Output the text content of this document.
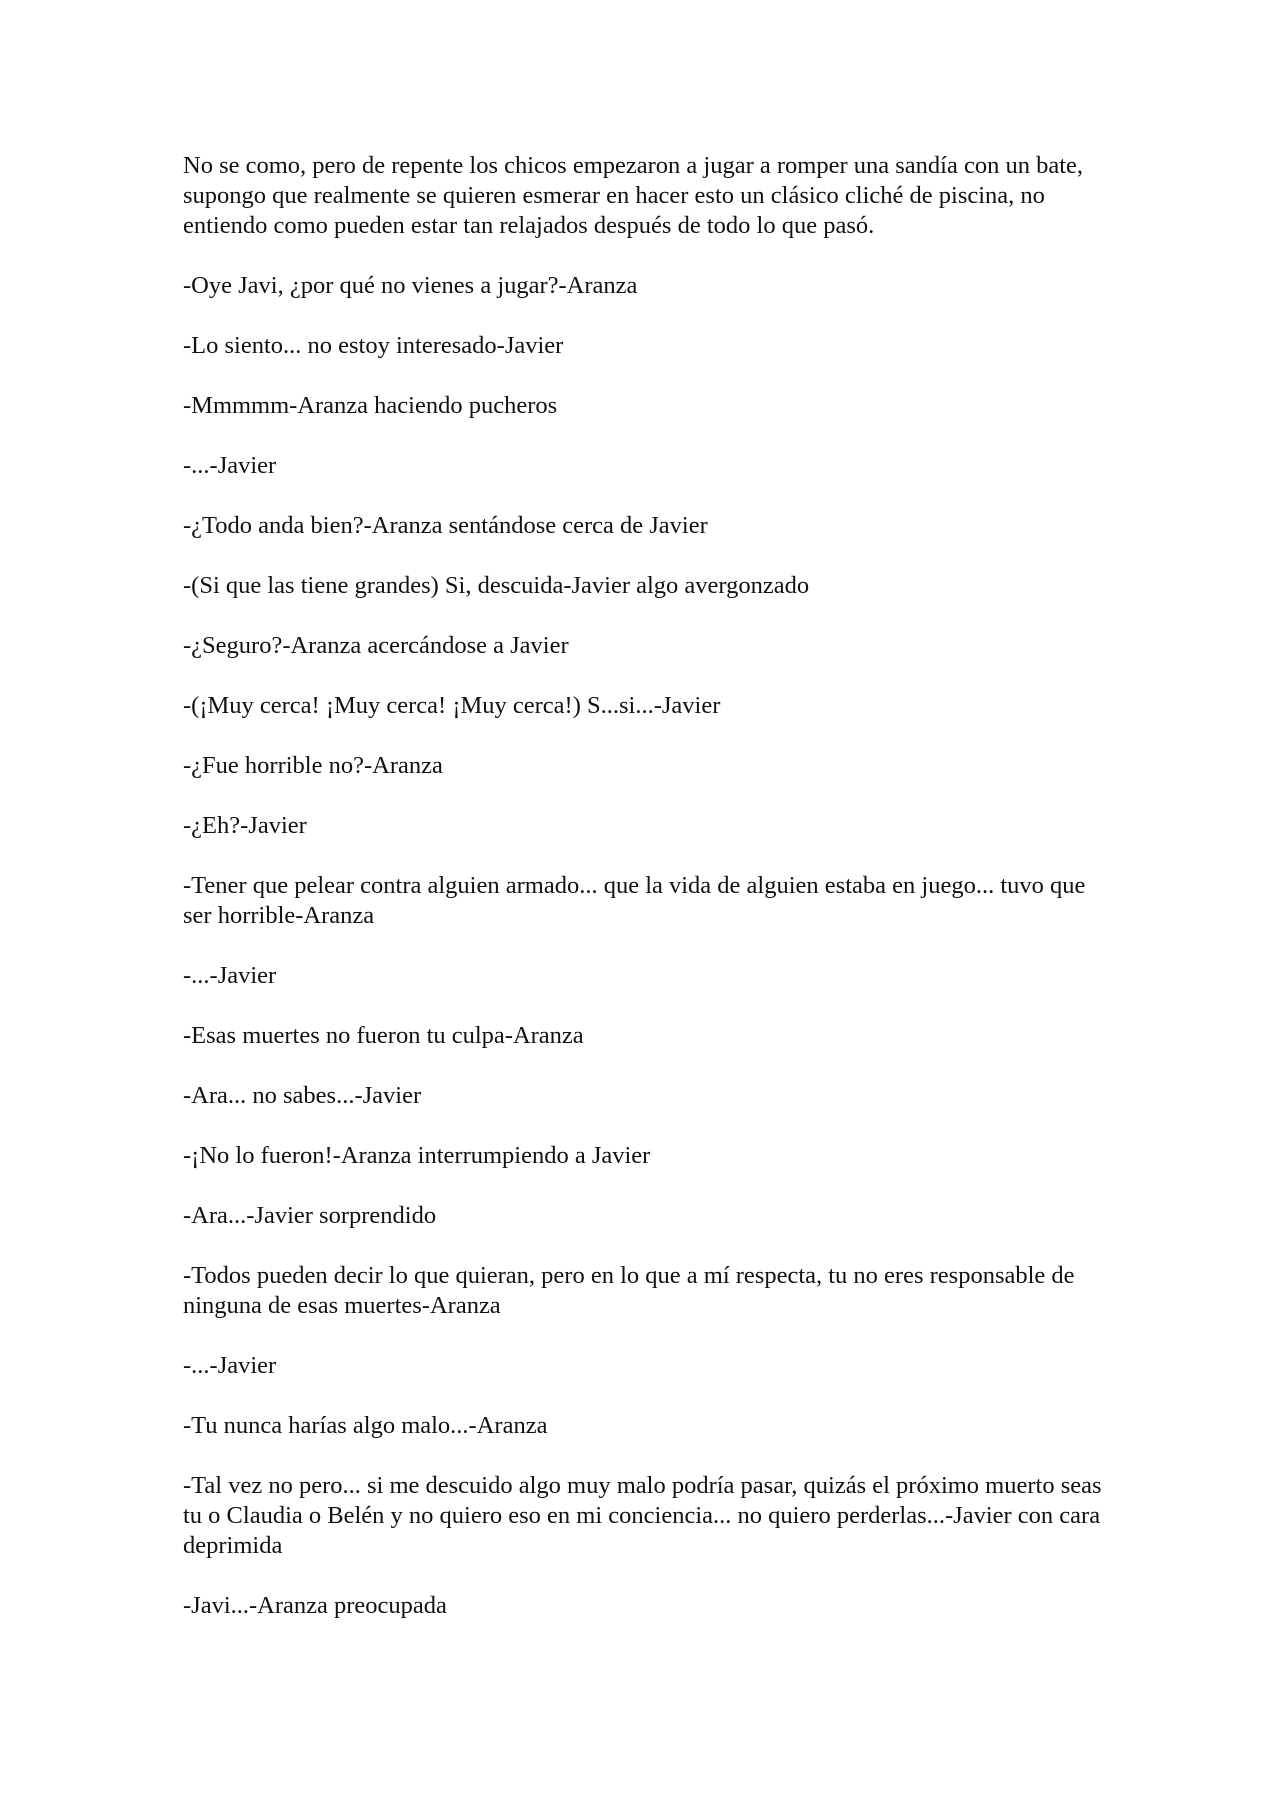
No se como, pero de repente los chicos empezaron a jugar a romper una sandía con un bate, supongo que realmente se quieren esmerar en hacer esto un clásico cliché de piscina, no entiendo como pueden estar tan relajados después de todo lo que pasó.

-Oye Javi, ¿por qué no vienes a jugar?-Aranza

-Lo siento... no estoy interesado-Javier

-Mmmmm-Aranza haciendo pucheros

-...-Javier

-¿Todo anda bien?-Aranza sentándose cerca de Javier

-(Si que las tiene grandes) Si, descuida-Javier algo avergonzado

-¿Seguro?-Aranza acercándose a Javier

-(¡Muy cerca! ¡Muy cerca! ¡Muy cerca!) S...si...-Javier

-¿Fue horrible no?-Aranza

-¿Eh?-Javier

-Tener que pelear contra alguien armado... que la vida de alguien estaba en juego... tuvo que ser horrible-Aranza

-...-Javier

-Esas muertes no fueron tu culpa-Aranza

-Ara... no sabes...-Javier

-¡No lo fueron!-Aranza interrumpiendo a Javier

-Ara...-Javier sorprendido

-Todos pueden decir lo que quieran, pero en lo que a mí respecta, tu no eres responsable de ninguna de esas muertes-Aranza

-...-Javier

-Tu nunca harías algo malo...-Aranza

-Tal vez no pero... si me descuido algo muy malo podría pasar, quizás el próximo muerto seas tu o Claudia o Belén y no quiero eso en mi conciencia... no quiero perderlas...-Javier con cara deprimida

-Javi...-Aranza preocupada
